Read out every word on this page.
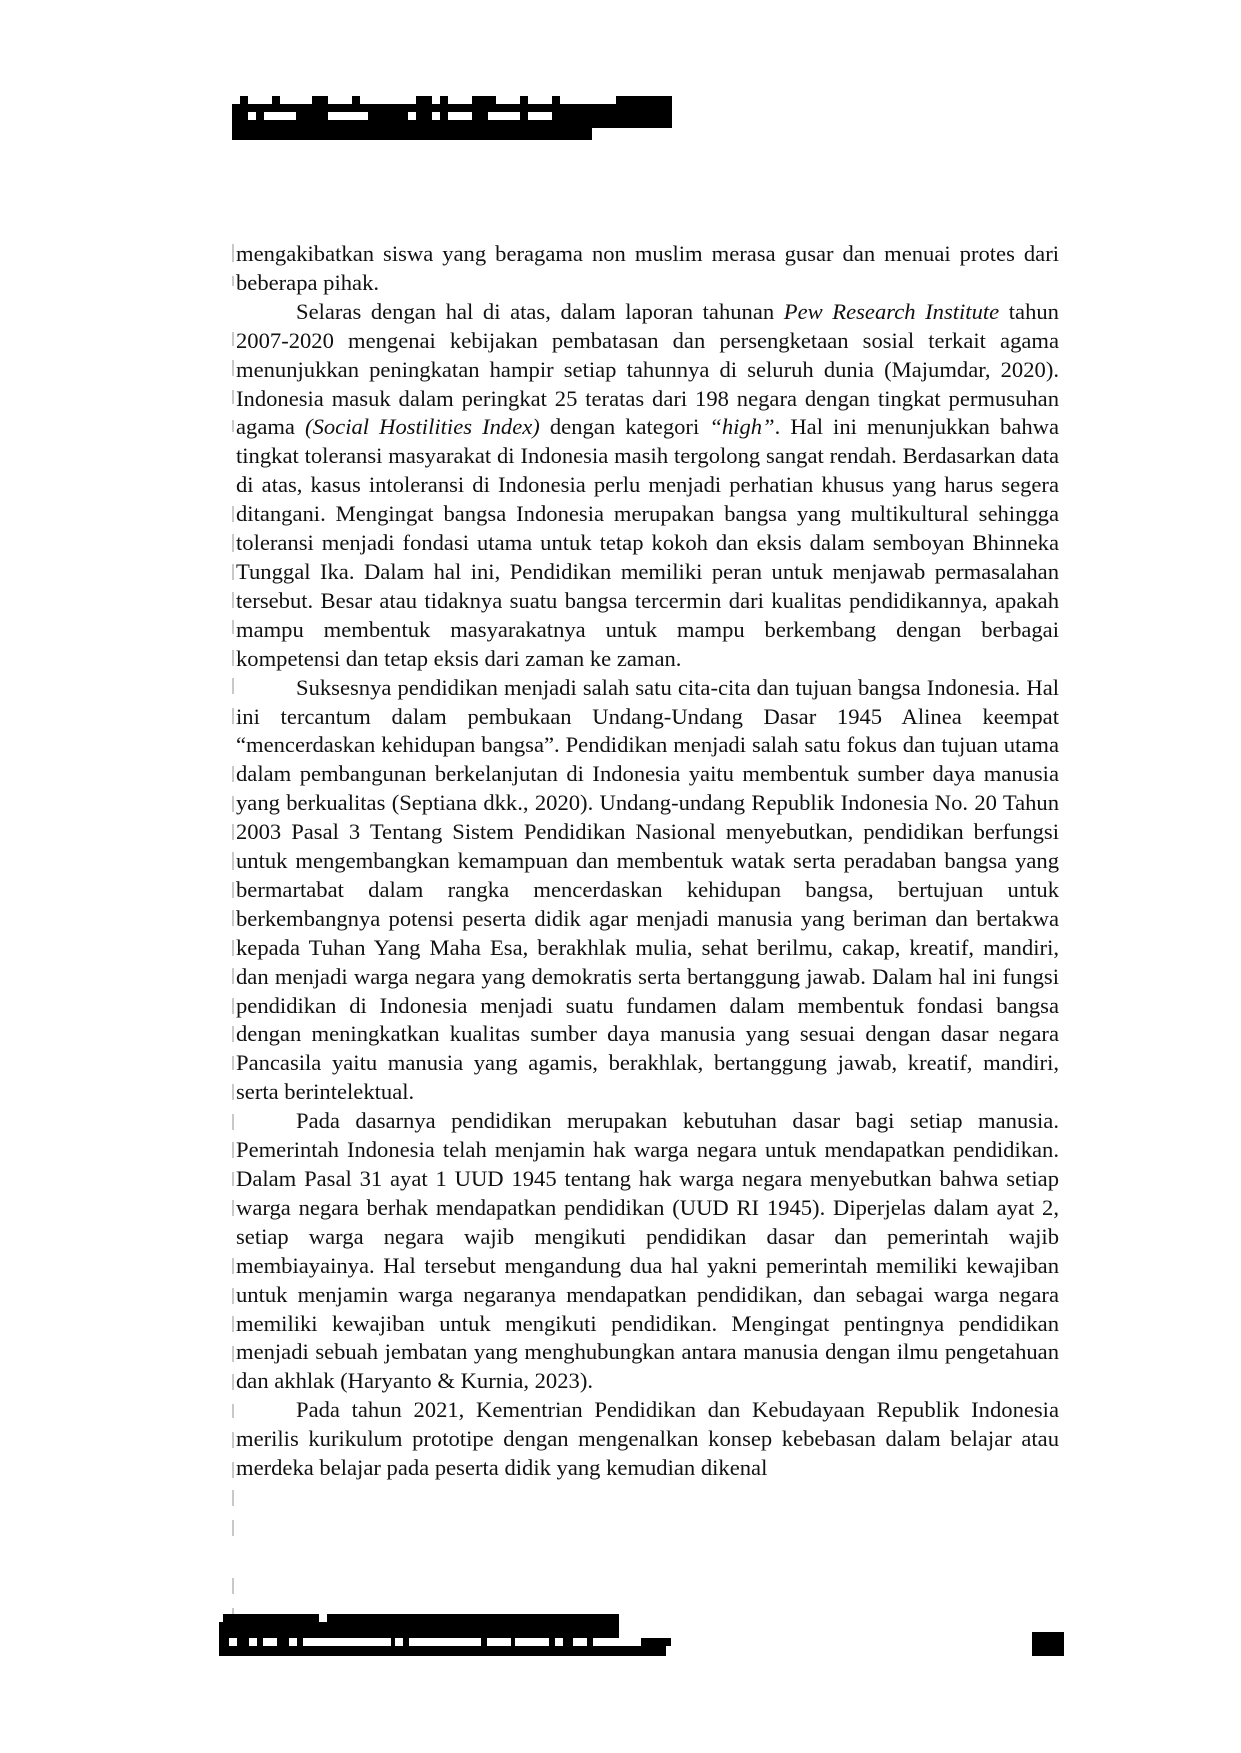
mengakibatkan siswa yang beragama non muslim merasa gusar dan menuai protes dari beberapa pihak.

Selaras dengan hal di atas, dalam laporan tahunan Pew Research Institute tahun 2007-2020 mengenai kebijakan pembatasan dan persengketaan sosial terkait agama menunjukkan peningkatan hampir setiap tahunnya di seluruh dunia (Majumdar, 2020). Indonesia masuk dalam peringkat 25 teratas dari 198 negara dengan tingkat permusuhan agama (Social Hostilities Index) dengan kategori “high”. Hal ini menunjukkan bahwa tingkat toleransi masyarakat di Indonesia masih tergolong sangat rendah. Berdasarkan data di atas, kasus intoleransi di Indonesia perlu menjadi perhatian khusus yang harus segera ditangani. Mengingat bangsa Indonesia merupakan bangsa yang multikultural sehingga toleransi menjadi fondasi utama untuk tetap kokoh dan eksis dalam semboyan Bhinneka Tunggal Ika. Dalam hal ini, Pendidikan memiliki peran untuk menjawab permasalahan tersebut. Besar atau tidaknya suatu bangsa tercermin dari kualitas pendidikannya, apakah mampu membentuk masyarakatnya untuk mampu berkembang dengan berbagai kompetensi dan tetap eksis dari zaman ke zaman.

Suksesnya pendidikan menjadi salah satu cita-cita dan tujuan bangsa Indonesia. Hal ini tercantum dalam pembukaan Undang-Undang Dasar 1945 Alinea keempat “mencerdaskan kehidupan bangsa”. Pendidikan menjadi salah satu fokus dan tujuan utama dalam pembangunan berkelanjutan di Indonesia yaitu membentuk sumber daya manusia yang berkualitas (Septiana dkk., 2020). Undang-undang Republik Indonesia No. 20 Tahun 2003 Pasal 3 Tentang Sistem Pendidikan Nasional menyebutkan, pendidikan berfungsi untuk mengembangkan kemampuan dan membentuk watak serta peradaban bangsa yang bermartabat dalam rangka mencerdaskan kehidupan bangsa, bertujuan untuk berkembangnya potensi peserta didik agar menjadi manusia yang beriman dan bertakwa kepada Tuhan Yang Maha Esa, berakhlak mulia, sehat berilmu, cakap, kreatif, mandiri, dan menjadi warga negara yang demokratis serta bertanggung jawab. Dalam hal ini fungsi pendidikan di Indonesia menjadi suatu fundamen dalam membentuk fondasi bangsa dengan meningkatkan kualitas sumber daya manusia yang sesuai dengan dasar negara Pancasila yaitu manusia yang agamis, berakhlak, bertanggung jawab, kreatif, mandiri, serta berintelektual.

Pada dasarnya pendidikan merupakan kebutuhan dasar bagi setiap manusia. Pemerintah Indonesia telah menjamin hak warga negara untuk mendapatkan pendidikan. Dalam Pasal 31 ayat 1 UUD 1945 tentang hak warga negara menyebutkan bahwa setiap warga negara berhak mendapatkan pendidikan (UUD RI 1945). Diperjelas dalam ayat 2, setiap warga negara wajib mengikuti pendidikan dasar dan pemerintah wajib membiayainya. Hal tersebut mengandung dua hal yakni pemerintah memiliki kewajiban untuk menjamin warga negaranya mendapatkan pendidikan, dan sebagai warga negara memiliki kewajiban untuk mengikuti pendidikan. Mengingat pentingnya pendidikan menjadi sebuah jembatan yang menghubungkan antara manusia dengan ilmu pengetahuan dan akhlak (Haryanto & Kurnia, 2023).

Pada tahun 2021, Kementrian Pendidikan dan Kebudayaan Republik Indonesia merilis kurikulum prototipe dengan mengenalkan konsep kebebasan dalam belajar atau merdeka belajar pada peserta didik yang kemudian dikenal
